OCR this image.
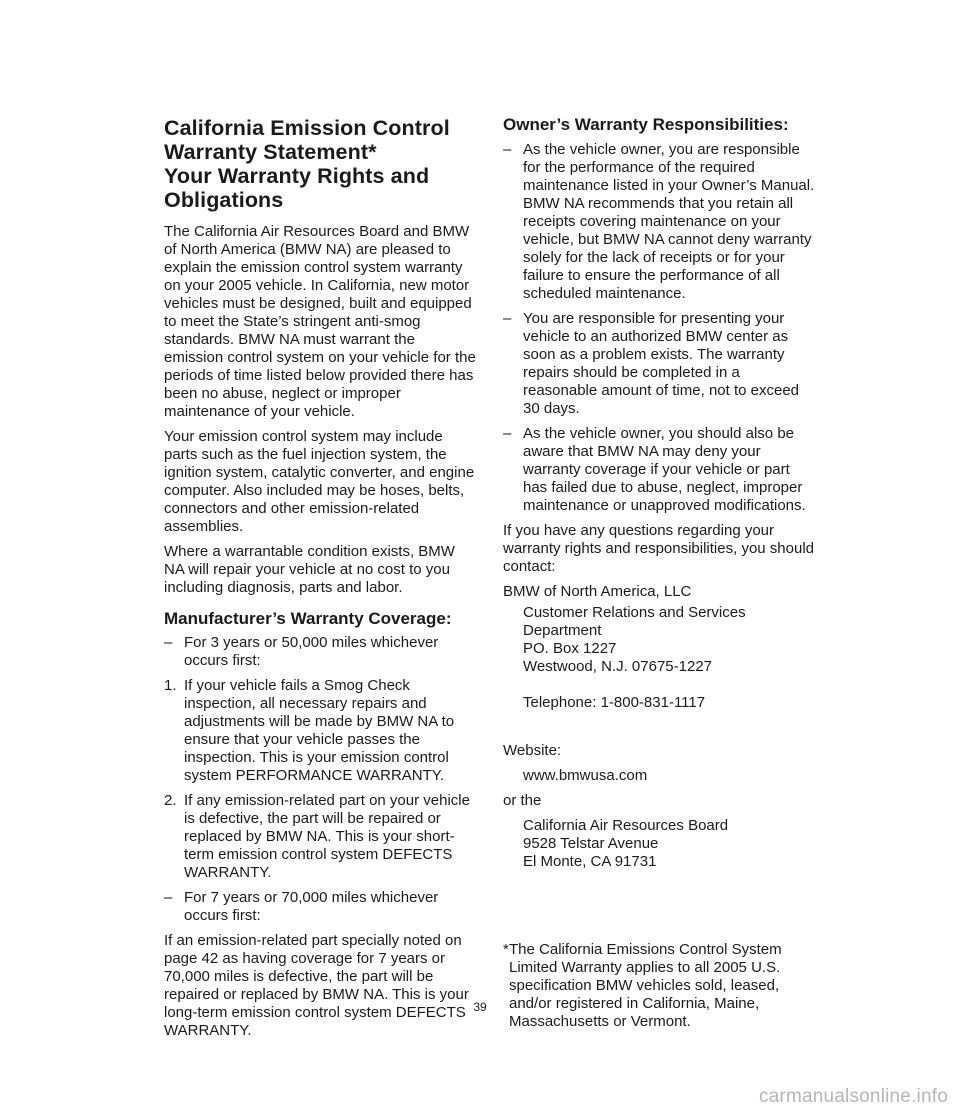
California Emission Control
Warranty Statement*
Your Warranty Rights and
Obligations

The California Air Resources Board and BMW of North America (BMW NA) are pleased to explain the emission control system warranty on your 2005 vehicle. In California, new motor vehicles must be designed, built and equipped to meet the State’s stringent anti-smog standards. BMW NA must warrant the emission control system on your vehicle for the periods of time listed below provided there has been no abuse, neglect or improper maintenance of your vehicle.

Your emission control system may include parts such as the fuel injection system, the ignition system, catalytic converter, and engine computer. Also included may be hoses, belts, connectors and other emission-related assemblies.

Where a warrantable condition exists, BMW NA will repair your vehicle at no cost to you including diagnosis, parts and labor.

Manufacturer’s Warranty Coverage:
– For 3 years or 50,000 miles whichever occurs first:
1. If your vehicle fails a Smog Check inspection, all necessary repairs and adjustments will be made by BMW NA to ensure that your vehicle passes the inspection. This is your emission control system PERFORMANCE WARRANTY.
2. If any emission-related part on your vehicle is defective, the part will be repaired or replaced by BMW NA. This is your short-term emission control system DEFECTS WARRANTY.
– For 7 years or 70,000 miles whichever occurs first:

If an emission-related part specially noted on page 42 as having coverage for 7 years or 70,000 miles is defective, the part will be repaired or replaced by BMW NA. This is your long-term emission control system DEFECTS WARRANTY.

Owner’s Warranty Responsibilities:
– As the vehicle owner, you are responsible for the performance of the required maintenance listed in your Owner’s Manual. BMW NA recommends that you retain all receipts covering maintenance on your vehicle, but BMW NA cannot deny warranty solely for the lack of receipts or for your failure to ensure the performance of all scheduled maintenance.
– You are responsible for presenting your vehicle to an authorized BMW center as soon as a problem exists. The warranty repairs should be completed in a reasonable amount of time, not to exceed 30 days.
– As the vehicle owner, you should also be aware that BMW NA may deny your warranty coverage if your vehicle or part has failed due to abuse, neglect, improper maintenance or unapproved modifications.

If you have any questions regarding your warranty rights and responsibilities, you should contact:

BMW of North America, LLC

Customer Relations and Services
Department
PO. Box 1227
Westwood, N.J. 07675-1227
Telephone: 1-800-831-1117

Website:

www.bmwusa.com

or the

California Air Resources Board
9528 Telstar Avenue
El Monte, CA 91731
* The California Emissions Control System Limited Warranty applies to all 2005 U.S. specification BMW vehicles sold, leased, and/or registered in California, Maine, Massachusetts or Vermont.
39
carmanualsonline.info
